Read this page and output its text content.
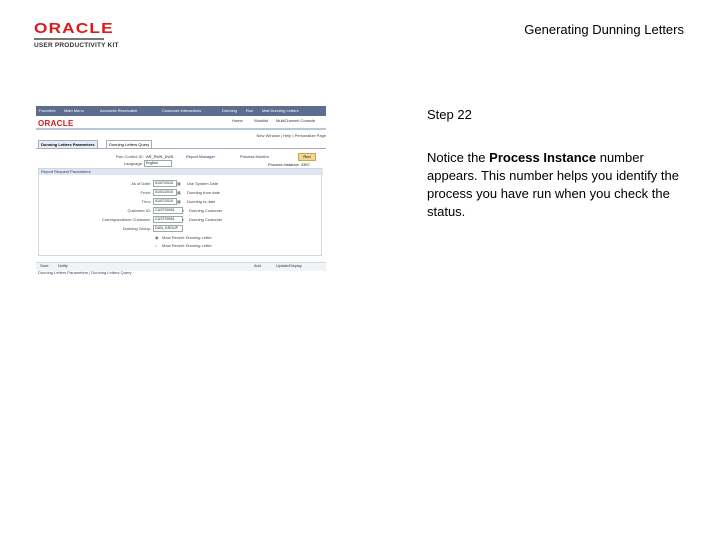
ORACLE
USER PRODUCTIVITY KIT
Generating Dunning Letters
Favorites Main Menu	Accounts Receivable	Customer Interactions	Dunning Run Mail Dunning Letters
ORACLE	Home	Worklist MultiChannel Console
New Window | Help | Personalize Page
Dunning Letters Parameters	Dunning Letters Query
Run Control ID: AR_RUN_DUN	Report Manager	Process Monitor	Run
Language: English	Process Instance: 4357
Report Request Parameters
As of Date:	01/07/2010	▦ Use System Date
From:	01/01/2010	▦ Dunning from date
Thru:	01/07/2010	▦ Dunning to date
Customer ID:	CUST00001	⌕ Dunning Customer
Correspondence Customer:	CUST00001	⌕ Dunning Customer
Dunning Group:	DUN_GROUP
◉ Most Recent Dunning Letter
○ Most Recent Dunning Letter
Save Notify	Add	Update/Display
Dunning Letters Parameters | Dunning Letters Query
Step 22
Notice the Process Instance number appears. This number helps you identify the process you have run when you check the status.
